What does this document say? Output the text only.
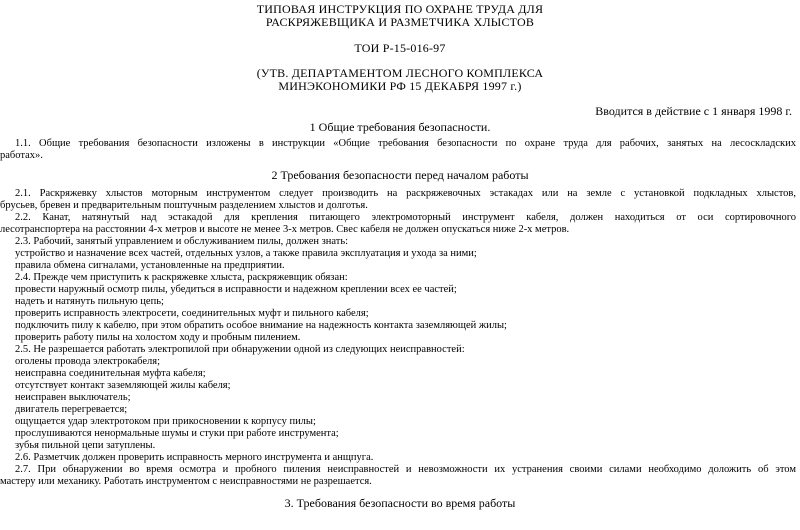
ТИПОВАЯ ИНСТРУКЦИЯ ПО ОХРАНЕ ТРУДА ДЛЯ
РАСКРЯЖЕВЩИКА И РАЗМЕТЧИКА ХЛЫСТОВ
ТОИ Р-15-016-97
(УТВ. ДЕПАРТАМЕНТОМ ЛЕСНОГО КОМПЛЕКСА
МИНЭКОНОМИКИ РФ 15 ДЕКАБРЯ 1997 г.)
Вводится в действие с 1 января 1998 г.
1 Общие требования безопасности.
1.1. Общие требования безопасности изложены в инструкции «Общие требования безопасности по охране труда для рабочих, занятых на лесоскладских
работах».
2 Требования безопасности перед началом работы
2.1. Раскряжевку хлыстов моторным инструментом следует производить на раскряжевочных эстакадах или на земле с установкой подкладных хлыстов,
брусьев, бревен и предварительным поштучным разделением хлыстов и долготья.
2.2. Канат, натянутый над эстакадой для крепления питающего электромоторный инструмент кабеля, должен находиться от оси сортировочного
лесотранспортера на расстоянии 4-х метров и высоте не менее 3-х метров. Свес кабеля не должен опускаться ниже 2-х метров.
2.3. Рабочий, занятый управлением и обслуживанием пилы, должен знать:
устройство и назначение всех частей, отдельных узлов, а также правила эксплуатация и ухода за ними;
правила обмена сигналами, установленные на предприятии.
2.4. Прежде чем приступить к раскряжевке хлыста, раскряжевщик обязан:
провести наружный осмотр пилы, убедиться в исправности и надежном креплении всех ее частей;
надеть и натянуть пильную цепь;
проверить исправность электросети, соединительных муфт и пильного кабеля;
подключить пилу к кабелю, при этом обратить особое внимание на надежность контакта заземляющей жилы;
проверить работу пилы на холостом ходу и пробным пилением.
2.5. Не разрешается работать электропилой при обнаружении одной из следующих неисправностей:
оголены провода электрокабеля;
неисправна соединительная муфта кабеля;
отсутствует контакт заземляющей жилы кабеля;
неисправен выключатель;
двигатель перегревается;
ощущается удар электротоком при прикосновении к корпусу пилы;
прослушиваются ненормальные шумы и стуки при работе инструмента;
зубья пильной цепи затуплены.
2.6. Разметчик должен проверить исправность мерного инструмента и анщпуга.
2.7. При обнаружении во время осмотра и пробного пиления неисправностей и невозможности их устранения своими силами необходимо доложить об этом
мастеру или механику. Работать инструментом с неисправностями не разрешается.
3. Требования безопасности во время работы
